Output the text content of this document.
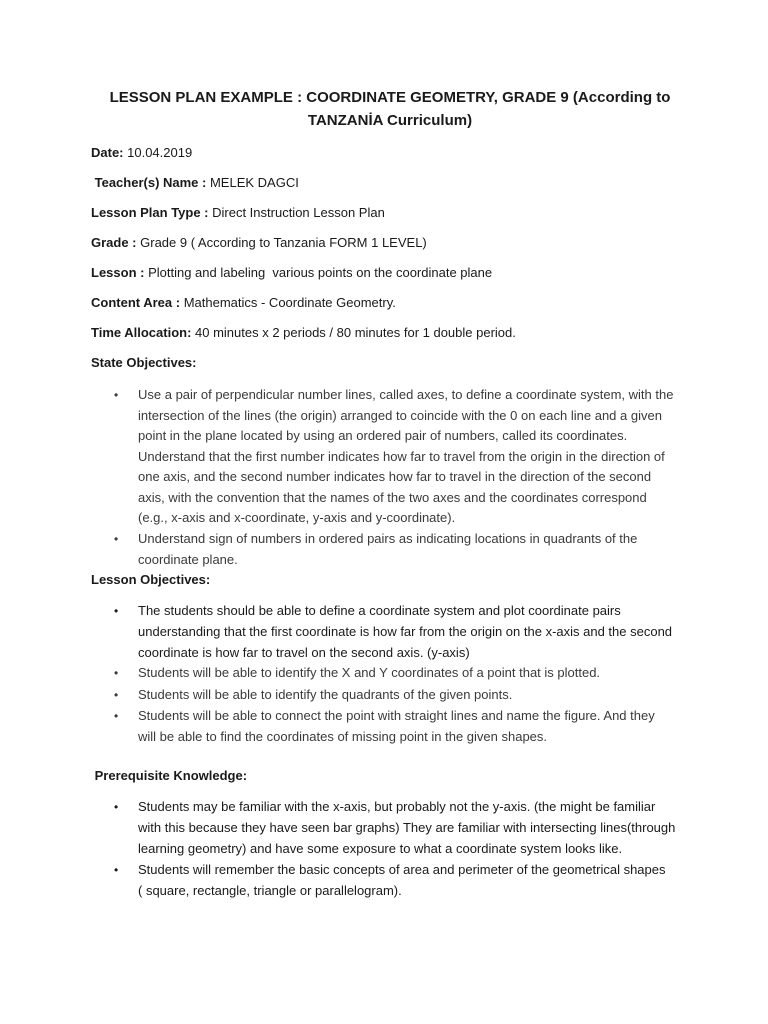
LESSON PLAN EXAMPLE : COORDINATE GEOMETRY, GRADE 9 (According to
TANZANİA Curriculum)
Date: 10.04.2019
Teacher(s) Name : MELEK DAGCI
Lesson Plan Type : Direct Instruction Lesson Plan
Grade : Grade 9 ( According to Tanzania FORM 1 LEVEL)
Lesson : Plotting and labeling  various points on the coordinate plane
Content Area : Mathematics - Coordinate Geometry.
Time Allocation: 40 minutes x 2 periods / 80 minutes for 1 double period.
State Objectives:
• Use a pair of perpendicular number lines, called axes, to define a coordinate system, with the
intersection of the lines (the origin) arranged to coincide with the 0 on each line and a given
point in the plane located by using an ordered pair of numbers, called its coordinates.
Understand that the first number indicates how far to travel from the origin in the direction of
one axis, and the second number indicates how far to travel in the direction of the second
axis, with the convention that the names of the two axes and the coordinates correspond
(e.g., x-axis and x-coordinate, y-axis and y-coordinate).
• Understand sign of numbers in ordered pairs as indicating locations in quadrants of the
coordinate plane.
Lesson Objectives:
• The students should be able to define a coordinate system and plot coordinate pairs
understanding that the first coordinate is how far from the origin on the x-axis and the second
coordinate is how far to travel on the second axis. (y-axis)
• Students will be able to identify the X and Y coordinates of a point that is plotted.
• Students will be able to identify the quadrants of the given points.
• Students will be able to connect the point with straight lines and name the figure. And they
will be able to find the coordinates of missing point in the given shapes.
Prerequisite Knowledge:
• Students may be familiar with the x-axis, but probably not the y-axis. (the might be familiar
with this because they have seen bar graphs) They are familiar with intersecting lines(through
learning geometry) and have some exposure to what a coordinate system looks like.
• Students will remember the basic concepts of area and perimeter of the geometrical shapes
( square, rectangle, triangle or parallelogram).
